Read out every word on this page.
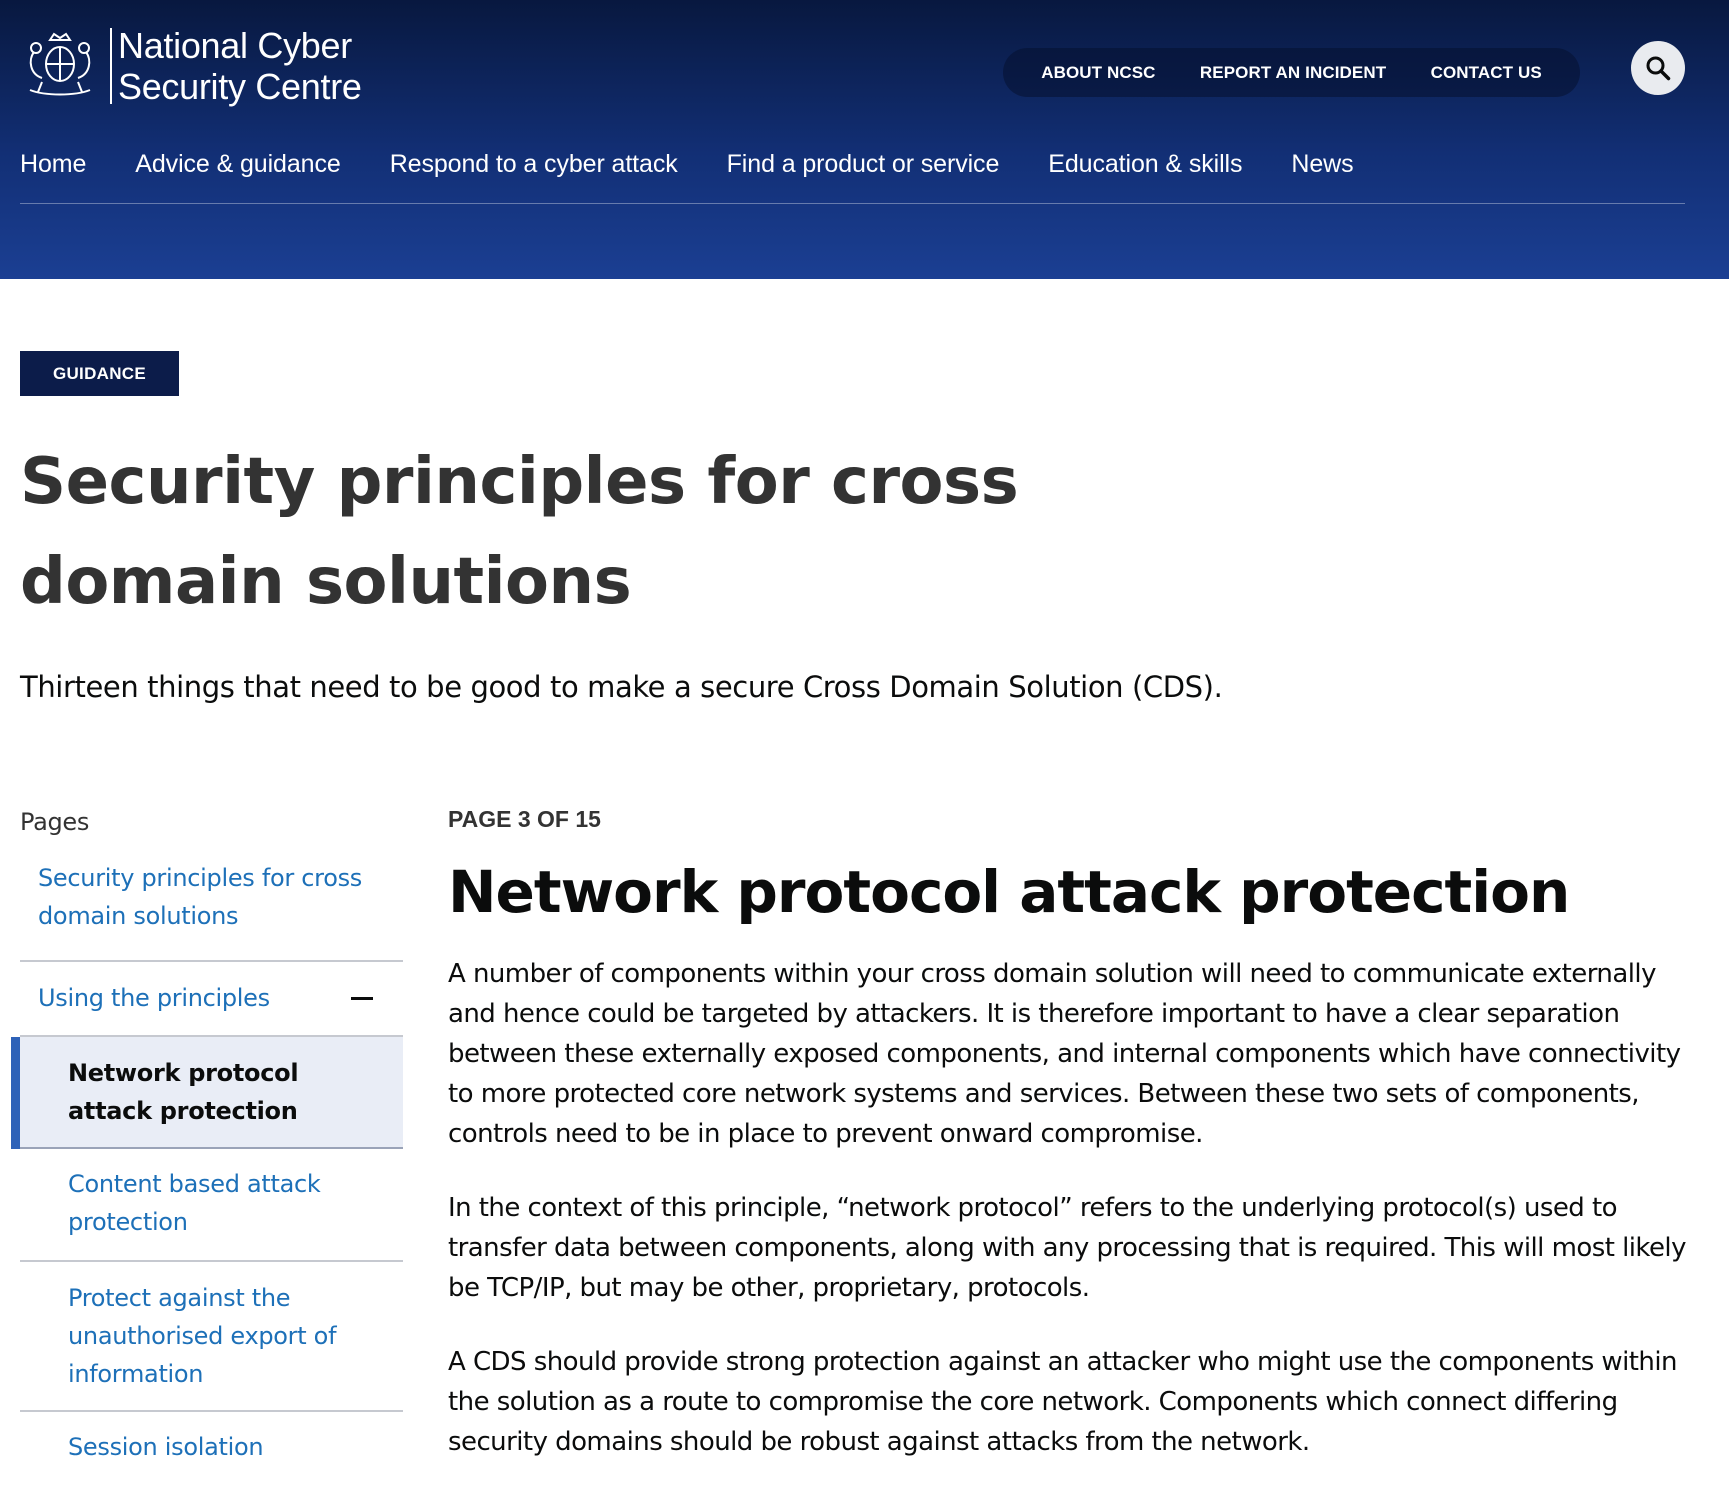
National Cyber
Security Centre	ABOUT NCSC	REPORT AN INCIDENT	CONTACT US
Home Advice & guidance Respond to a cyber attack Find a product or service Education & skills News
GUIDANCE
Security principles for cross domain solutions

Thirteen things that need to be good to make a secure Cross Domain Solution (CDS).

Pages
Security principles for cross domain solutions
Using the principles
Network protocol attack protection
Content based attack protection
Protect against the unauthorised export of information
Session isolation
PAGE 3 OF 15
Network protocol attack protection

A number of components within your cross domain solution will need to communicate externally and hence could be targeted by attackers. It is therefore important to have a clear separation between these externally exposed components, and internal components which have connectivity to more protected core network systems and services. Between these two sets of components, controls need to be in place to prevent onward compromise.

In the context of this principle, “network protocol” refers to the underlying protocol(s) used to transfer data between components, along with any processing that is required. This will most likely be TCP/IP, but may be other, proprietary, protocols.

A CDS should provide strong protection against an attacker who might use the components within the solution as a route to compromise the core network. Components which connect differing security domains should be robust against attacks from the network.
